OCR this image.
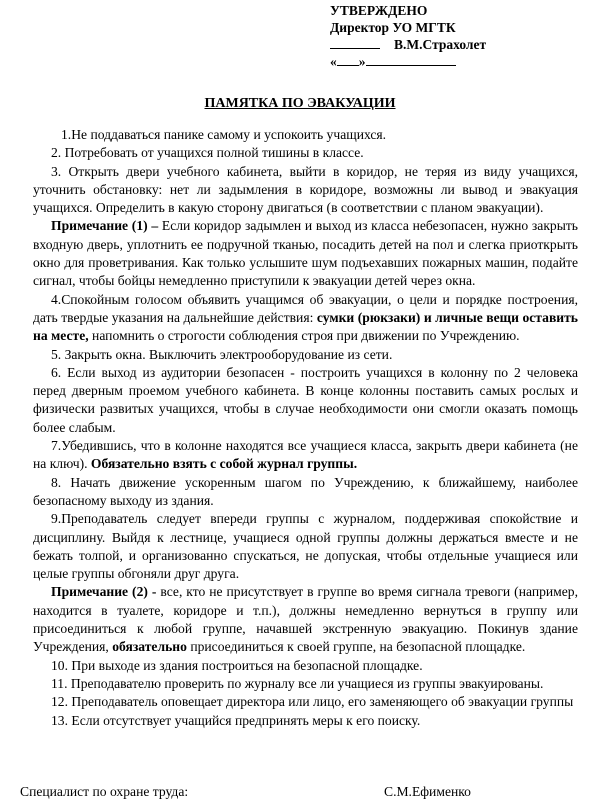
УТВЕРЖДЕНО
Директор УО МГТК
В.М.Страхолет
« »
ПАМЯТКА ПО ЭВАКУАЦИИ

1.Не поддаваться панике самому и успокоить учащихся.

2. Потребовать от учащихся полной тишины в классе.

3. Открыть двери учебного кабинета, выйти в коридор, не теряя из виду учащихся, уточнить обстановку: нет ли задымления в коридоре, возможны ли вывод и эвакуация учащихся. Определить в какую сторону двигаться (в соответствии с планом эвакуации).

Примечание (1) – Если коридор задымлен и выход из класса небезопасен, нужно закрыть входную дверь, уплотнить ее подручной тканью, посадить детей на пол и слегка приоткрыть окно для проветривания. Как только услышите шум подъехавших пожарных машин, подайте сигнал, чтобы бойцы немедленно приступили к эвакуации детей через окна.

4.Спокойным голосом объявить учащимся об эвакуации, о цели и порядке построения, дать твердые указания на дальнейшие действия: сумки (рюкзаки) и личные вещи оставить на месте, напомнить о строгости соблюдения строя при движении по Учреждению.

5. Закрыть окна. Выключить электрооборудование из сети.

6. Если выход из аудитории безопасен - построить учащихся в колонну по 2 человека перед дверным проемом учебного кабинета. В конце колонны поставить самых рослых и физически развитых учащихся, чтобы в случае необходимости они смогли оказать помощь более слабым.

7.Убедившись, что в колонне находятся все учащиеся класса, закрыть двери кабинета (не на ключ). Обязательно взять с собой журнал группы.

8. Начать движение ускоренным шагом по Учреждению, к ближайшему, наиболее безопасному выходу из здания.

9.Преподаватель следует впереди группы с журналом, поддерживая спокойствие и дисциплину. Выйдя к лестнице, учащиеся одной группы должны держаться вместе и не бежать толпой, и организованно спускаться, не допуская, чтобы отдельные учащиеся или целые группы обгоняли друг друга.

Примечание (2) - все, кто не присутствует в группе во время сигнала тревоги (например, находится в туалете, коридоре и т.п.), должны немедленно вернуться в группу или присоединиться к любой группе, начавшей экстренную эвакуацию. Покинув здание Учреждения, обязательно присоединиться к своей группе, на безопасной площадке.

10. При выходе из здания построиться на безопасной площадке.

11. Преподавателю проверить по журналу все ли учащиеся из группы эвакуированы.

12. Преподаватель оповещает директора или лицо, его заменяющего об эвакуации группы

13. Если отсутствует учащийся предпринять меры к его поиску.

Специалист по охране труда:	С.М.Ефименко
